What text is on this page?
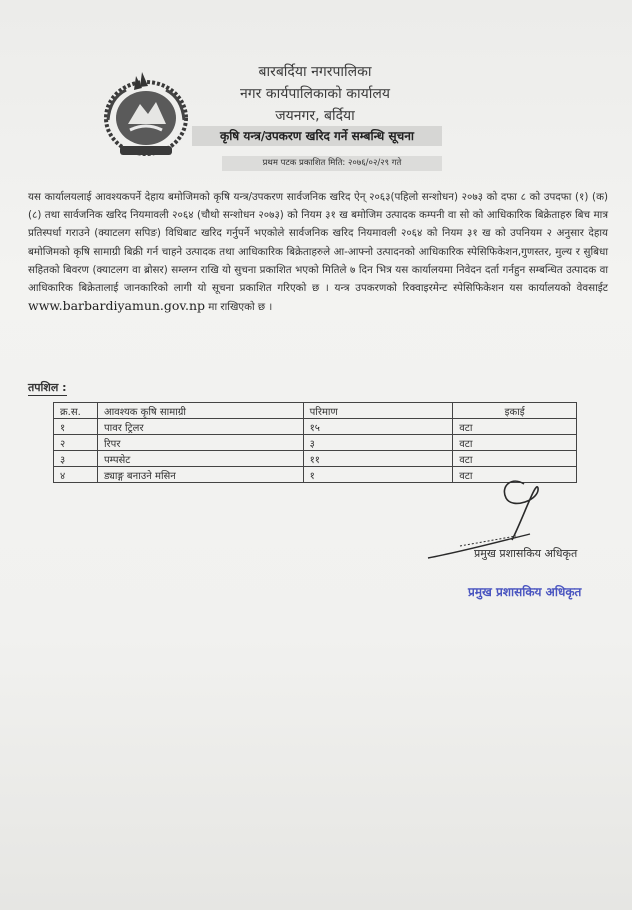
बारबर्दिया नगरपालिका
नगर कार्यपालिकाको कार्यालय
जयनगर, बर्दिया
कृषि यन्त्र/उपकरण खरिद गर्ने सम्बन्धि सूचना
प्रथम पटक प्रकाशित मिति: २०७६/०२/२९ गते
यस कार्यालयलाई आवश्यकपर्ने देहाय बमोजिमको कृषि यन्त्र/उपकरण सार्वजनिक खरिद ऐन् २०६३(पहिलो सन्शोधन) २०७३ को दफा ८ को उपदफा (१) (क) (८) तथा सार्वजनिक खरिद नियमावली २०६४ (चौथो सन्शोधन २०७३) को नियम ३१ ख बमोजिम उत्पादक कम्पनी वा सो को आधिकारिक बिक्रेताहरु बिच मात्र प्रतिस्पर्धा गराउने (क्याटलग सपिङ) विधिबाट खरिद गर्नुपर्ने भएकोले सार्वजनिक खरिद नियमावली २०६४ को नियम ३१ ख को उपनियम २ अनुसार देहाय बमोजिमको कृषि सामाग्री बिक्री गर्न चाहने उत्पादक तथा आधिकारिक बिक्रेताहरुले आ-आफ्नो उत्पादनको आधिकारिक स्पेसिफिकेशन,गुणस्तर, मुल्य र सुबिधा सहितको बिवरण (क्याटलग वा ब्रोसर) सम्लग्न राखि यो सुचना प्रकाशित भएको मितिले ७ दिन भित्र यस कार्यालयमा निवेदन दर्ता गर्नहुन सम्बन्धित उत्पादक वा आधिकारिक बिक्रेतालाई जानकारिको लागी यो सूचना प्रकाशित गरिएको छ । यन्त्र उपकरणको रिक्वाइरमेन्ट स्पेसिफिकेशन यस कार्यालयको वेवसाईट www.barbardiyamun.gov.np मा राखिएको छ ।
तपशिल :
क्र.स.	आवश्यक कृषि सामाग्री	परिमाण	इकाई
१	पावर ट्रिलर	१५	वटा
२	रिपर	३	वटा
३	पम्पसेट	११	वटा
४	ड्याङ्ग बनाउने मसिन	१	वटा
प्रमुख प्रशासकिय अधिकृत
प्रमुख प्रशासकिय अधिकृत
